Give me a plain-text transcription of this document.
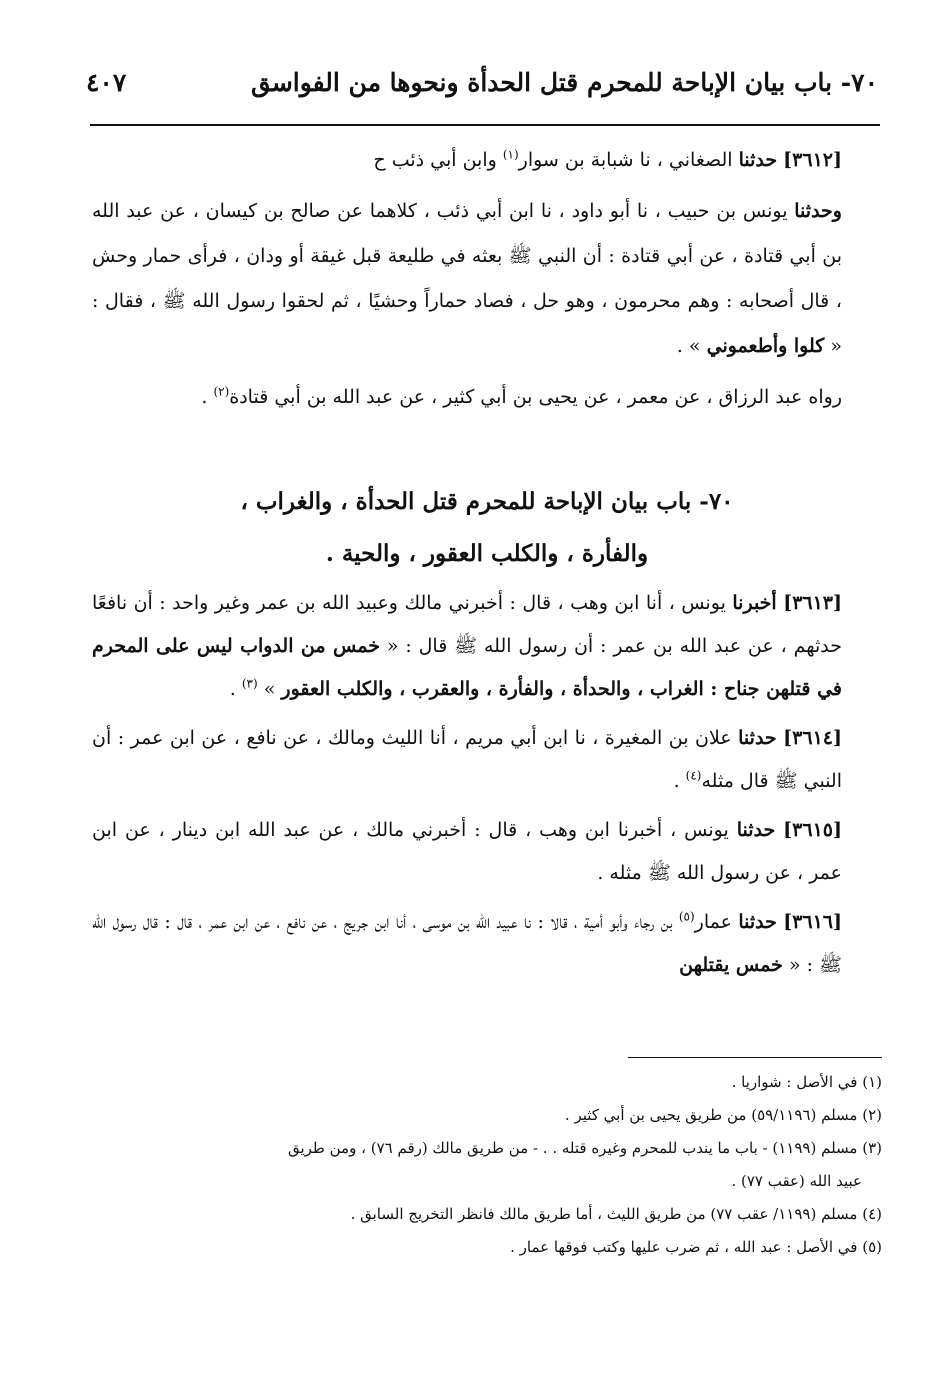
٧٠- باب بيان الإباحة للمحرم قتل الحدأة ونحوها من الفواسق
٤٠٧

[٣٦١٢] حدثنا الصغاني ، نا شبابة بن سوار$^{(١)}$ وابن أبي ذئب ح

وحدثنا يونس بن حبيب ، نا أبو داود ، نا ابن أبي ذئب ، كلاهما عن صالح بن كيسان ، عن عبد الله بن أبي قتادة ، عن أبي قتادة : أن النبي ﷺ بعثه في طليعة قبل غيقة أو ودان ، فرأى حمار وحش ، قال أصحابه : وهم محرمون ، وهو حل ، فصاد حماراً وحشيًا ، ثم لحقوا رسول الله ﷺ ، فقال : « كلوا وأطعموني » .

رواه عبد الرزاق ، عن معمر ، عن يحيى بن أبي كثير ، عن عبد الله بن أبي قتادة$^{(٢)}$ .

٧٠- باب بيان الإباحة للمحرم قتل الحدأة ، والغراب ،
والفأرة ، والكلب العقور ، والحية .

[٣٦١٣] أخبرنا يونس ، أنا ابن وهب ، قال : أخبرني مالك وعبيد الله بن عمر وغير واحد : أن نافعًا حدثهم ، عن عبد الله بن عمر : أن رسول الله ﷺ قال : « خمس من الدواب ليس على المحرم في قتلهن جناح : الغراب ، والحدأة ، والفأرة ، والعقرب ، والكلب العقور » $^{(٣)}$ .

[٣٦١٤] حدثنا علان بن المغيرة ، نا ابن أبي مريم ، أنا الليث ومالك ، عن نافع ، عن ابن عمر : أن النبي ﷺ قال مثله$^{(٤)}$ .

[٣٦١٥] حدثنا يونس ، أخبرنا ابن وهب ، قال : أخبرني مالك ، عن عبد الله ابن دينار ، عن ابن عمر ، عن رسول الله ﷺ مثله .

[٣٦١٦] حدثنا عمار$^{(٥)}$ بن رجاء وأبو أمية ، قالا : نا عبيد الله بن موسى ، أنا ابن جريج ، عن نافع ، عن ابن عمر ، قال : قال رسول الله ﷺ : « خمس يقتلهن

(١) في الأصل : شواريا .
(٢) مسلم (٥٩/١١٩٦) من طريق يحيى بن أبي كثير .
(٣) مسلم (١١٩٩) - باب ما يندب للمحرم وغيره قتله . . - من طريق مالك (رقم ٧٦) ، ومن طريق
عبيد الله (عقب ٧٧) .
(٤) مسلم (١١٩٩/ عقب ٧٧) من طريق الليث ، أما طريق مالك فانظر التخريج السابق .
(٥) في الأصل : عبد الله ، ثم ضرب عليها وكتب فوقها عمار .
